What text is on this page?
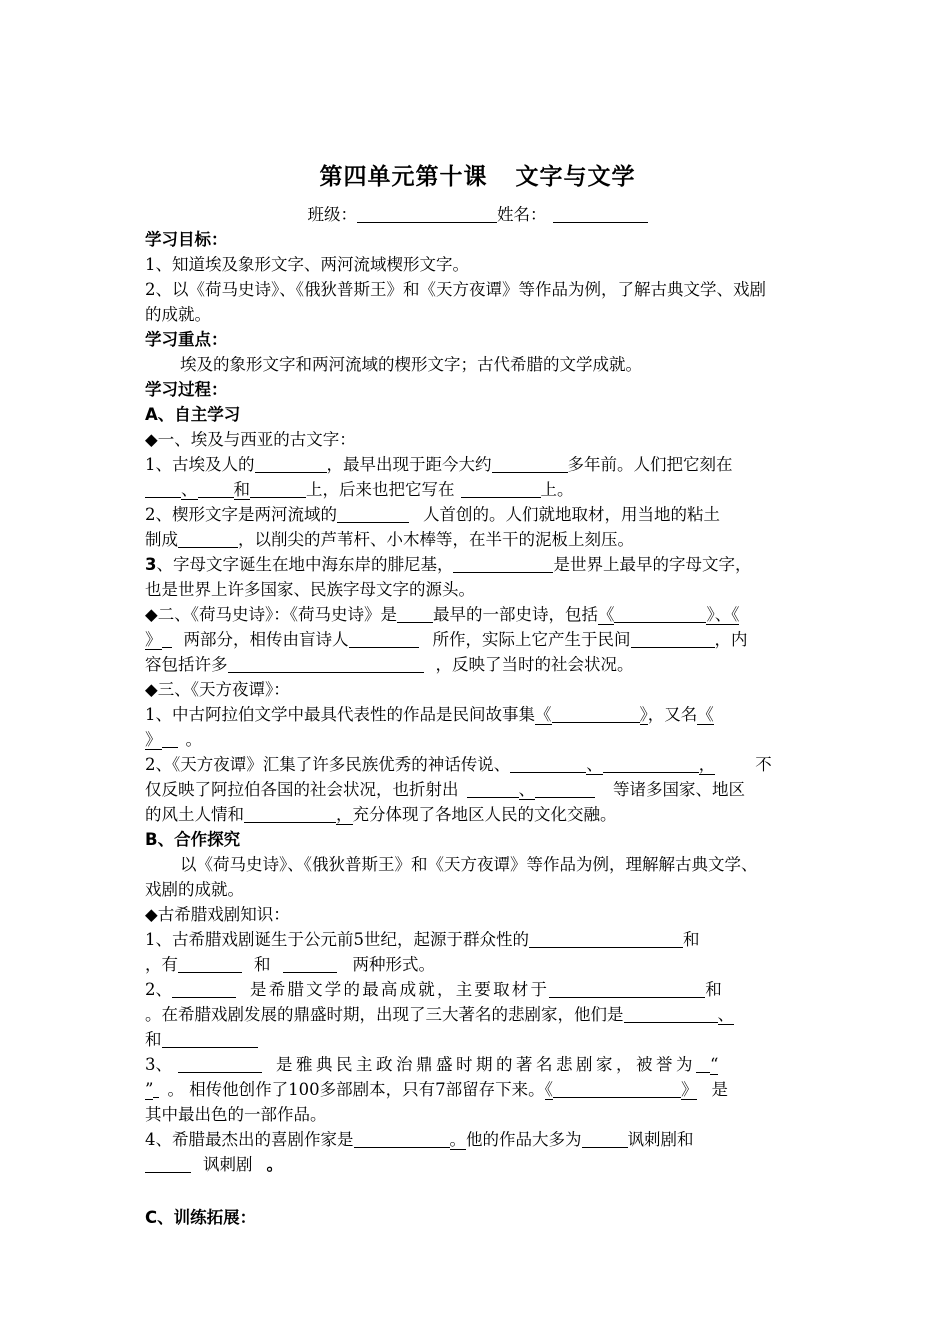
第四单元第十课 文字与文学

班级：	姓名：

学习目标：

1、知道埃及象形文字、两河流域楔形文字。

2、以《荷马史诗》、《俄狄普斯王》和《天方夜谭》等作品为例，了解古典文学、戏剧

的成就。

学习重点：

埃及的象形文字和两河流域的楔形文字；古代希腊的文学成就。

学习过程：

A、自主学习

◆一、埃及与西亚的古文字：

1、古埃及人的	，最早出现于距今大约	多年前。人们把它刻在

、 和	上，后来也把它写在	上。

2、楔形文字是两河流域的	人首创的。人们就地取材，用当地的粘土

制成	，以削尖的芦苇杆、小木棒等，在半干的泥板上刻压。

3、字母文字诞生在地中海东岸的腓尼基，	是世界上最早的字母文字，

也是世界上许多国家、民族字母文字的源头。

◆二、《荷马史诗》：《荷马史诗》是 最早的一部史诗，包括《	》、《

》 两部分，相传由盲诗人	所作，实际上它产生于民间	，内

容包括许多	，反映了当时的社会状况。

◆三、《天方夜谭》：

1、中古阿拉伯文学中最具代表性的作品是民间故事集《	》，又名《

》 。

2、《天方夜谭》汇集了许多民族优秀的神话传说、	、	， 不

仅反映了阿拉伯各国的社会状况，也折射出	、	等诸多国家、地区

的风土人情和	，充分体现了各地区人民的文化交融。

B、合作探究

以《荷马史诗》、《俄狄普斯王》和《天方夜谭》等作品为例，理解解古典文学、

戏剧的成就。

◆古希腊戏剧知识：

1、古希腊戏剧诞生于公元前5世纪，起源于群众性的	和

，有	和	两种形式。

2、	是希腊文学的最高成就，主要取材于	和

。在希腊戏剧发展的鼎盛时期，出现了三大著名的悲剧家，他们是	、

和

3、	是雅典民主政治鼎盛时期的著名悲剧家，被誉为 “

” 。 相传他创作了100多部剧本，只有7部留存下来。《	》 是

其中最出色的一部作品。

4、希腊最杰出的喜剧作家是	。他的作品大多为	讽刺剧和

讽刺剧 。

C、训练拓展：
